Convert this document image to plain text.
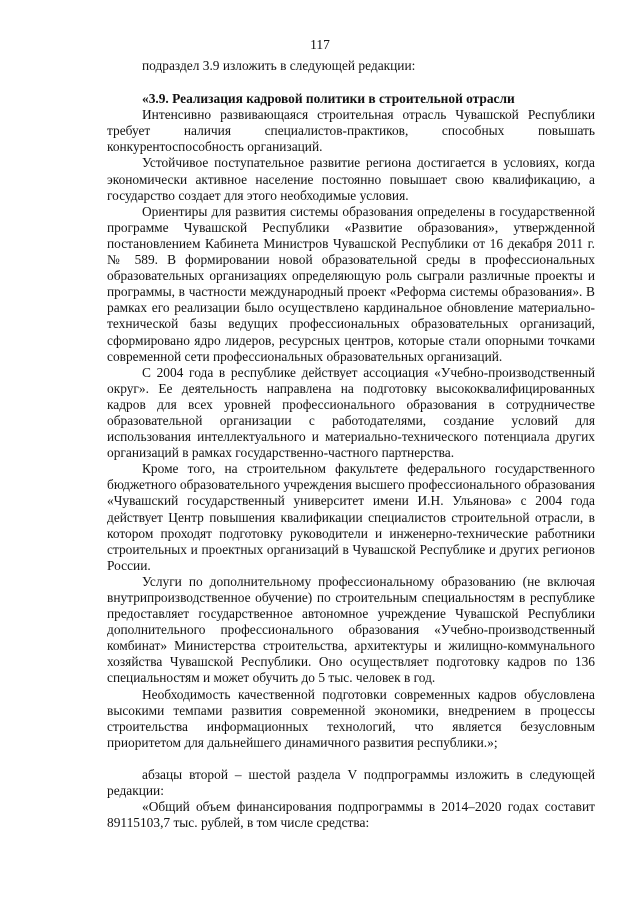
117

подраздел 3.9 изложить в следующей редакции:

«3.9. Реализация кадровой политики в строительной отрасли

Интенсивно развивающаяся строительная отрасль Чувашской Республики требует наличия специалистов-практиков, способных повышать конкурентоспособность организаций.

Устойчивое поступательное развитие региона достигается в условиях, когда экономически активное население постоянно повышает свою квалификацию, а государство создает для этого необходимые условия.

Ориентиры для развития системы образования определены в государственной программе Чувашской Республики «Развитие образования», утвержденной постановлением Кабинета Министров Чувашской Республики от 16 декабря 2011 г. № 589. В формировании новой образовательной среды в профессиональных образовательных организациях определяющую роль сыграли различные проекты и программы, в частности международный проект «Реформа системы образования». В рамках его реализации было осуществлено кардинальное обновление материально-технической базы ведущих профессиональных образовательных организаций, сформировано ядро лидеров, ресурсных центров, которые стали опорными точками современной сети профессиональных образовательных организаций.

С 2004 года в республике действует ассоциация «Учебно-производственный округ». Ее деятельность направлена на подготовку высококвалифицированных кадров для всех уровней профессионального образования в сотрудничестве образовательной организации с работодателями, создание условий для использования интеллектуального и материально-технического потенциала других организаций в рамках государственно-частного партнерства.

Кроме того, на строительном факультете федерального государственного бюджетного образовательного учреждения высшего профессионального образования «Чувашский государственный университет имени И.Н. Ульянова» с 2004 года действует Центр повышения квалификации специалистов строительной отрасли, в котором проходят подготовку руководители и инженерно-технические работники строительных и проектных организаций в Чувашской Республике и других регионов России.

Услуги по дополнительному профессиональному образованию (не включая внутрипроизводственное обучение) по строительным специальностям в республике предоставляет государственное автономное учреждение Чувашской Республики дополнительного профессионального образования «Учебно-производственный комбинат» Министерства строительства, архитектуры и жилищно-коммунального хозяйства Чувашской Республики. Оно осуществляет подготовку кадров по 136 специальностям и может обучить до 5 тыс. человек в год.

Необходимость качественной подготовки современных кадров обусловлена высокими темпами развития современной экономики, внедрением в процессы строительства информационных технологий, что является безусловным приоритетом для дальнейшего динамичного развития республики.»;

абзацы второй – шестой раздела V подпрограммы изложить в следующей редакции:

«Общий объем финансирования подпрограммы в 2014–2020 годах составит 89115103,7 тыс. рублей, в том числе средства:
